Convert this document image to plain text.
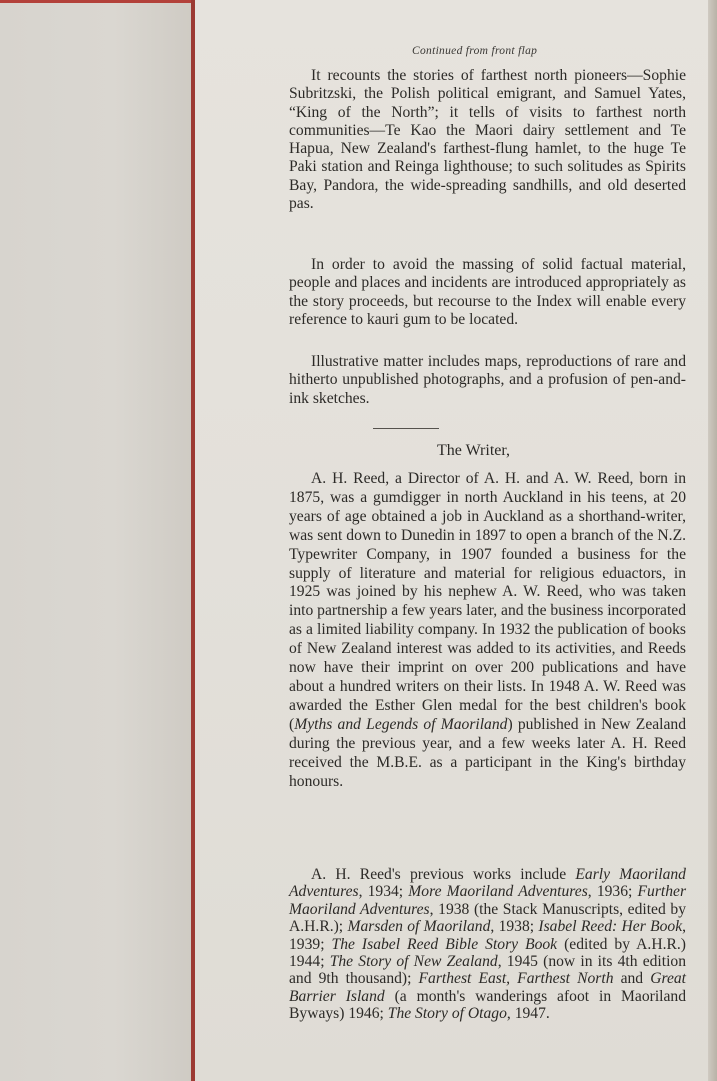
Continued from front flap

It recounts the stories of farthest north pioneers—Sophie Subritzski, the Polish political emigrant, and Samuel Yates, “King of the North”; it tells of visits to farthest north communities—Te Kao the Maori dairy settlement and Te Hapua, New Zealand's farthest-flung hamlet, to the huge Te Paki station and Reinga lighthouse; to such solitudes as Spirits Bay, Pandora, the wide-spreading sandhills, and old deserted pas.

In order to avoid the massing of solid factual material, people and places and incidents are introduced appropriately as the story proceeds, but recourse to the Index will enable every reference to kauri gum to be located.

Illustrative matter includes maps, reproductions of rare and hitherto unpublished photographs, and a profusion of pen-and-ink sketches.

A. H. Reed, a Director of A. H. and A. W. Reed, born in 1875, was a gumdigger in north Auckland in his teens, at 20 years of age obtained a job in Auckland as a shorthand-writer, was sent down to Dunedin in 1897 to open a branch of the N.Z. Typewriter Company, in 1907 founded a business for the supply of literature and material for religious eduactors, in 1925 was joined by his nephew A. W. Reed, who was taken into partnership a few years later, and the business incorporated as a limited liability company. In 1932 the publication of books of New Zealand interest was added to its activities, and Reeds now have their imprint on over 200 publications and have about a hundred writers on their lists. In 1948 A. W. Reed was awarded the Esther Glen medal for the best children's book (Myths and Legends of Maoriland) published in New Zealand during the previous year, and a few weeks later A. H. Reed received the M.B.E. as a participant in the King's birthday honours.

A. H. Reed's previous works include Early Maoriland Adventures, 1934; More Maoriland Adventures, 1936; Further Maoriland Adventures, 1938 (the Stack Manuscripts, edited by A.H.R.); Marsden of Maoriland, 1938; Isabel Reed: Her Book, 1939; The Isabel Reed Bible Story Book (edited by A.H.R.) 1944; The Story of New Zealand, 1945 (now in its 4th edition and 9th thousand); Farthest East, Farthest North and Great Barrier Island (a month's wanderings afoot in Maoriland Byways) 1946; The Story of Otago, 1947.

The Writer,
